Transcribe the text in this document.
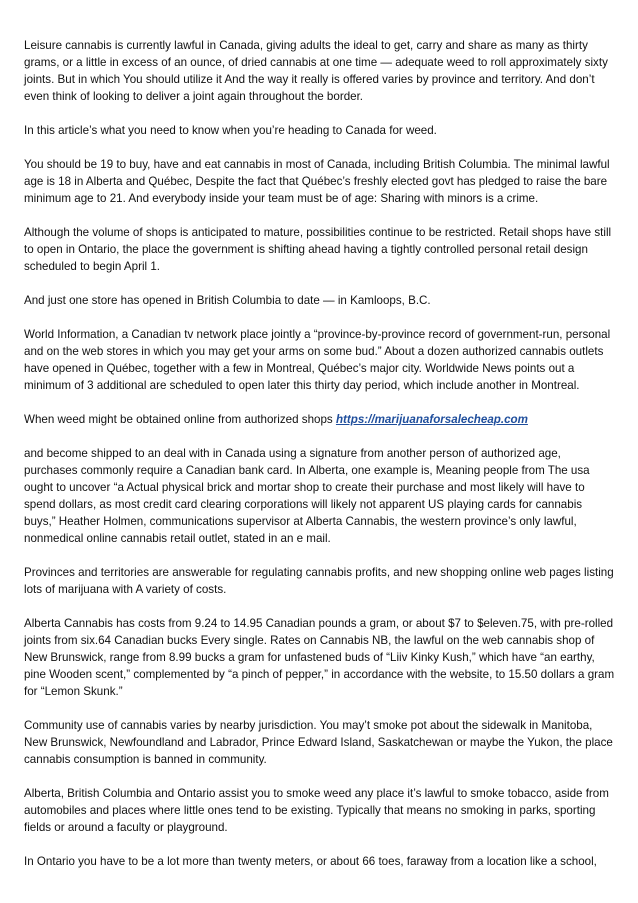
Leisure cannabis is currently lawful in Canada, giving adults the ideal to get, carry and share as many as thirty grams, or a little in excess of an ounce, of dried cannabis at one time — adequate weed to roll approximately sixty joints. But in which You should utilize it And the way it really is offered varies by province and territory. And don’t even think of looking to deliver a joint again throughout the border.

In this article’s what you need to know when you’re heading to Canada for weed.

You should be 19 to buy, have and eat cannabis in most of Canada, including British Columbia. The minimal lawful age is 18 in Alberta and Québec, Despite the fact that Québec’s freshly elected govt has pledged to raise the bare minimum age to 21. And everybody inside your team must be of age: Sharing with minors is a crime.

Although the volume of shops is anticipated to mature, possibilities continue to be restricted. Retail shops have still to open in Ontario, the place the government is shifting ahead having a tightly controlled personal retail design scheduled to begin April 1.

And just one store has opened in British Columbia to date — in Kamloops, B.C.

World Information, a Canadian tv network place jointly a “province-by-province record of government-run, personal and on the web stores in which you may get your arms on some bud.” About a dozen authorized cannabis outlets have opened in Québec, together with a few in Montreal, Québec’s major city. Worldwide News points out a minimum of 3 additional are scheduled to open later this thirty day period, which include another in Montreal.

When weed might be obtained online from authorized shops https://marijuanaforsalecheap.com

and become shipped to an deal with in Canada using a signature from another person of authorized age, purchases commonly require a Canadian bank card. In Alberta, one example is, Meaning people from The usa ought to uncover “a Actual physical brick and mortar shop to create their purchase and most likely will have to spend dollars, as most credit card clearing corporations will likely not apparent US playing cards for cannabis buys,” Heather Holmen, communications supervisor at Alberta Cannabis, the western province’s only lawful, nonmedical online cannabis retail outlet, stated in an e mail.

Provinces and territories are answerable for regulating cannabis profits, and new shopping online web pages listing lots of marijuana with A variety of costs.

Alberta Cannabis has costs from 9.24 to 14.95 Canadian pounds a gram, or about $7 to $eleven.75, with pre-rolled joints from six.64 Canadian bucks Every single. Rates on Cannabis NB, the lawful on the web cannabis shop of New Brunswick, range from 8.99 bucks a gram for unfastened buds of “Liiv Kinky Kush,” which have “an earthy, pine Wooden scent,” complemented by “a pinch of pepper,” in accordance with the website, to 15.50 dollars a gram for “Lemon Skunk.”

Community use of cannabis varies by nearby jurisdiction. You may’t smoke pot about the sidewalk in Manitoba, New Brunswick, Newfoundland and Labrador, Prince Edward Island, Saskatchewan or maybe the Yukon, the place cannabis consumption is banned in community.

Alberta, British Columbia and Ontario assist you to smoke weed any place it’s lawful to smoke tobacco, aside from automobiles and places where little ones tend to be existing. Typically that means no smoking in parks, sporting fields or around a faculty or playground.

In Ontario you have to be a lot more than twenty meters, or about 66 toes, faraway from a location like a school,
